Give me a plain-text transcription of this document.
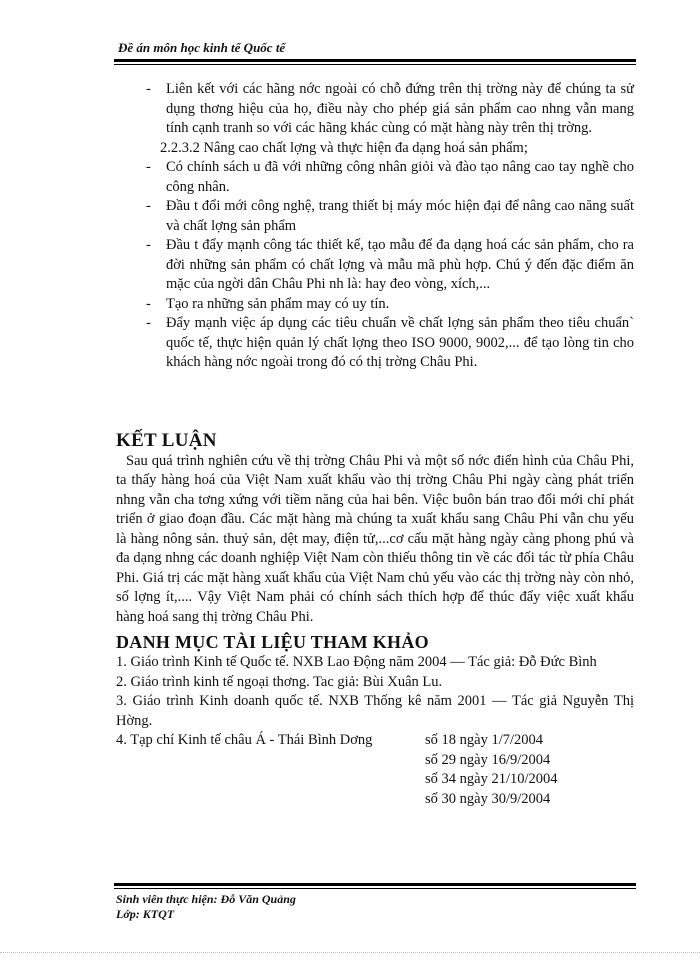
Đề án môn học kinh tế Quốc tế
- Liên kết với các hãng nớc ngoài có chỗ đứng trên thị trờng này để chúng ta sử dụng thơng hiệu của họ, điều này cho phép giá sản phẩm cao nhng vẫn mang tính cạnh tranh so với các hãng khác cùng có mặt hàng này trên thị trờng.
2.2.3.2 Nâng cao chất lợng và thực hiện đa dạng hoá sản phẩm;
- Có chính sách u đã với những công nhân giỏi và đào tạo nâng cao tay nghề cho công nhân.
- Đầu t đổi mới công nghệ, trang thiết bị máy móc hiện đại để nâng cao năng suất và chất lợng sản phẩm
- Đầu t đẩy mạnh công tác thiết kế, tạo mẫu để đa dạng hoá các sản phẩm, cho ra đời những sản phẩm có chất lợng và mẫu mã phù hợp. Chú ý đến đặc điểm ăn mặc của ngời dân Châu Phi nh là: hay đeo vòng, xích,...
- Tạo ra những sản phẩm may có uy tín.
- Đẩy mạnh việc áp dụng các tiêu chuẩn về chất lợng sản phẩm theo tiêu chuẩn` quốc tế, thực hiện quản lý chất lợng theo ISO 9000, 9002,... để tạo lòng tin cho khách hàng nớc ngoài trong đó có thị trờng Châu Phi.
KẾT LUẬN
Sau quá trình nghiên cứu về thị trờng Châu Phi và một số nớc điển hình của Châu Phi, ta thấy hàng hoá của Việt Nam xuất khẩu vào thị trờng Châu Phi ngày càng phát triển nhng vẫn cha tơng xứng với tiềm năng của hai bên. Việc buôn bán trao đổi mới chỉ phát triển ở giao đoạn đầu. Các mặt hàng mà chúng ta xuất khẩu sang Châu Phi vẫn chu yếu là hàng nông sản. thuỷ sản, dệt may, điện tử,...cơ cấu mặt hàng ngày càng phong phú và đa dạng nhng các doanh nghiệp Việt Nam còn thiếu thông tin về các đối tác từ phía Châu Phi. Giá trị các mặt hàng xuất khẩu của Việt Nam chủ yếu vào các thị trờng này còn nhỏ, số lợng ít,.... Vậy Việt Nam phải có chính sách thích hợp để thúc đẩy việc xuất khẩu hàng hoá sang thị trờng Châu Phi.
DANH MỤC TÀI LIỆU THAM KHẢO
1. Giáo trình Kinh tế Quốc tế. NXB Lao Động năm 2004 — Tác giả: Đỗ Đức Bình
2. Giáo trình kinh tế ngoại thơng. Tac giả: Bùi Xuân Lu.
3. Giáo trình Kinh doanh quốc tế. NXB Thống kê năm 2001 — Tác giả Nguyễn Thị Hờng.
4. Tạp chí Kinh tế châu Á - Thái Bình Dơng	số 18 ngày 1/7/2004
số 29 ngày 16/9/2004
số 34 ngày 21/10/2004
số 30 ngày 30/9/2004
Sinh viên thực hiện: Đỗ Văn Quảng
Lớp: KTQT
